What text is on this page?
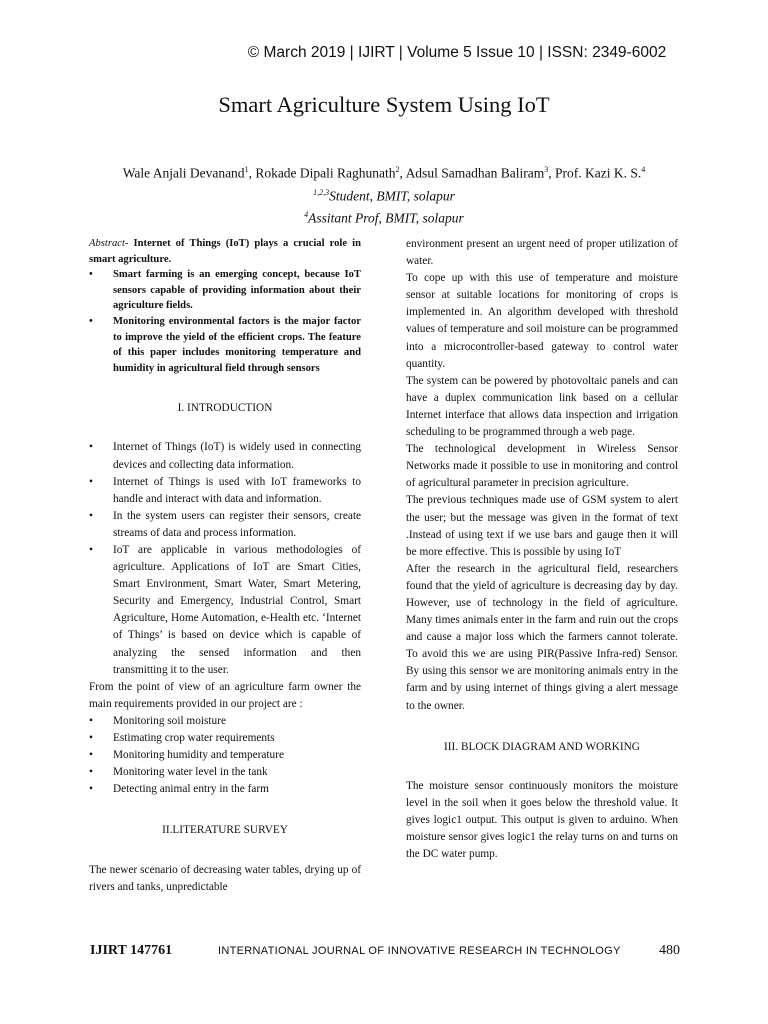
© March 2019 | IJIRT | Volume 5 Issue 10 | ISSN: 2349-6002
Smart Agriculture System Using IoT
Wale Anjali Devanand$^1$, Rokade Dipali Raghunath$^2$, Adsul Samadhan Baliram$^3$, Prof. Kazi K. S.$^4$
$^{1,2,3}$Student, BMIT, solapur
$^4$Assitant Prof, BMIT, solapur

Abstract- Internet of Things (IoT) plays a crucial role in smart agriculture.

• Smart farming is an emerging concept, because IoT sensors capable of providing information about their agriculture fields.
• Monitoring environmental factors is the major factor to improve the yield of the efficient crops. The feature of this paper includes monitoring temperature and humidity in agricultural field through sensors
I. INTRODUCTION
• Internet of Things (IoT) is widely used in connecting devices and collecting data information.
• Internet of Things is used with IoT frameworks to handle and interact with data and information.
• In the system users can register their sensors, create streams of data and process information.
• IoT are applicable in various methodologies of agriculture. Applications of IoT are Smart Cities, Smart Environment, Smart Water, Smart Metering, Security and Emergency, Industrial Control, Smart Agriculture, Home Automation, e-Health etc. ‘Internet of Things’ is based on device which is capable of analyzing the sensed information and then transmitting it to the user.

From the point of view of an agriculture farm owner the main requirements provided in our project are :

• Monitoring soil moisture
• Estimating crop water requirements
• Monitoring humidity and temperature
• Monitoring water level in the tank
• Detecting animal entry in the farm
II.LITERATURE SURVEY

The newer scenario of decreasing water tables, drying up of rivers and tanks, unpredictable

environment present an urgent need of proper utilization of water.

To cope up with this use of temperature and moisture sensor at suitable locations for monitoring of crops is implemented in. An algorithm developed with threshold values of temperature and soil moisture can be programmed into a microcontroller-based gateway to control water quantity.

The system can be powered by photovoltaic panels and can have a duplex communication link based on a cellular Internet interface that allows data inspection and irrigation scheduling to be programmed through a web page.

The technological development in Wireless Sensor Networks made it possible to use in monitoring and control of agricultural parameter in precision agriculture.

The previous techniques made use of GSM system to alert the user; but the message was given in the format of text .Instead of using text if we use bars and gauge then it will be more effective. This is possible by using IoT

After the research in the agricultural field, researchers found that the yield of agriculture is decreasing day by day. However, use of technology in the field of agriculture. Many times animals enter in the farm and ruin out the crops and cause a major loss which the farmers cannot tolerate. To avoid this we are using PIR(Passive Infra-red) Sensor. By using this sensor we are monitoring animals entry in the farm and by using internet of things giving a alert message to the owner.

III. BLOCK DIAGRAM AND WORKING

The moisture sensor continuously monitors the moisture level in the soil when it goes below the threshold value. It gives logic1 output. This output is given to arduino. When moisture sensor gives logic1 the relay turns on and turns on the DC water pump.

IJIRT 147761	INTERNATIONAL JOURNAL OF INNOVATIVE RESEARCH IN TECHNOLOGY	480
